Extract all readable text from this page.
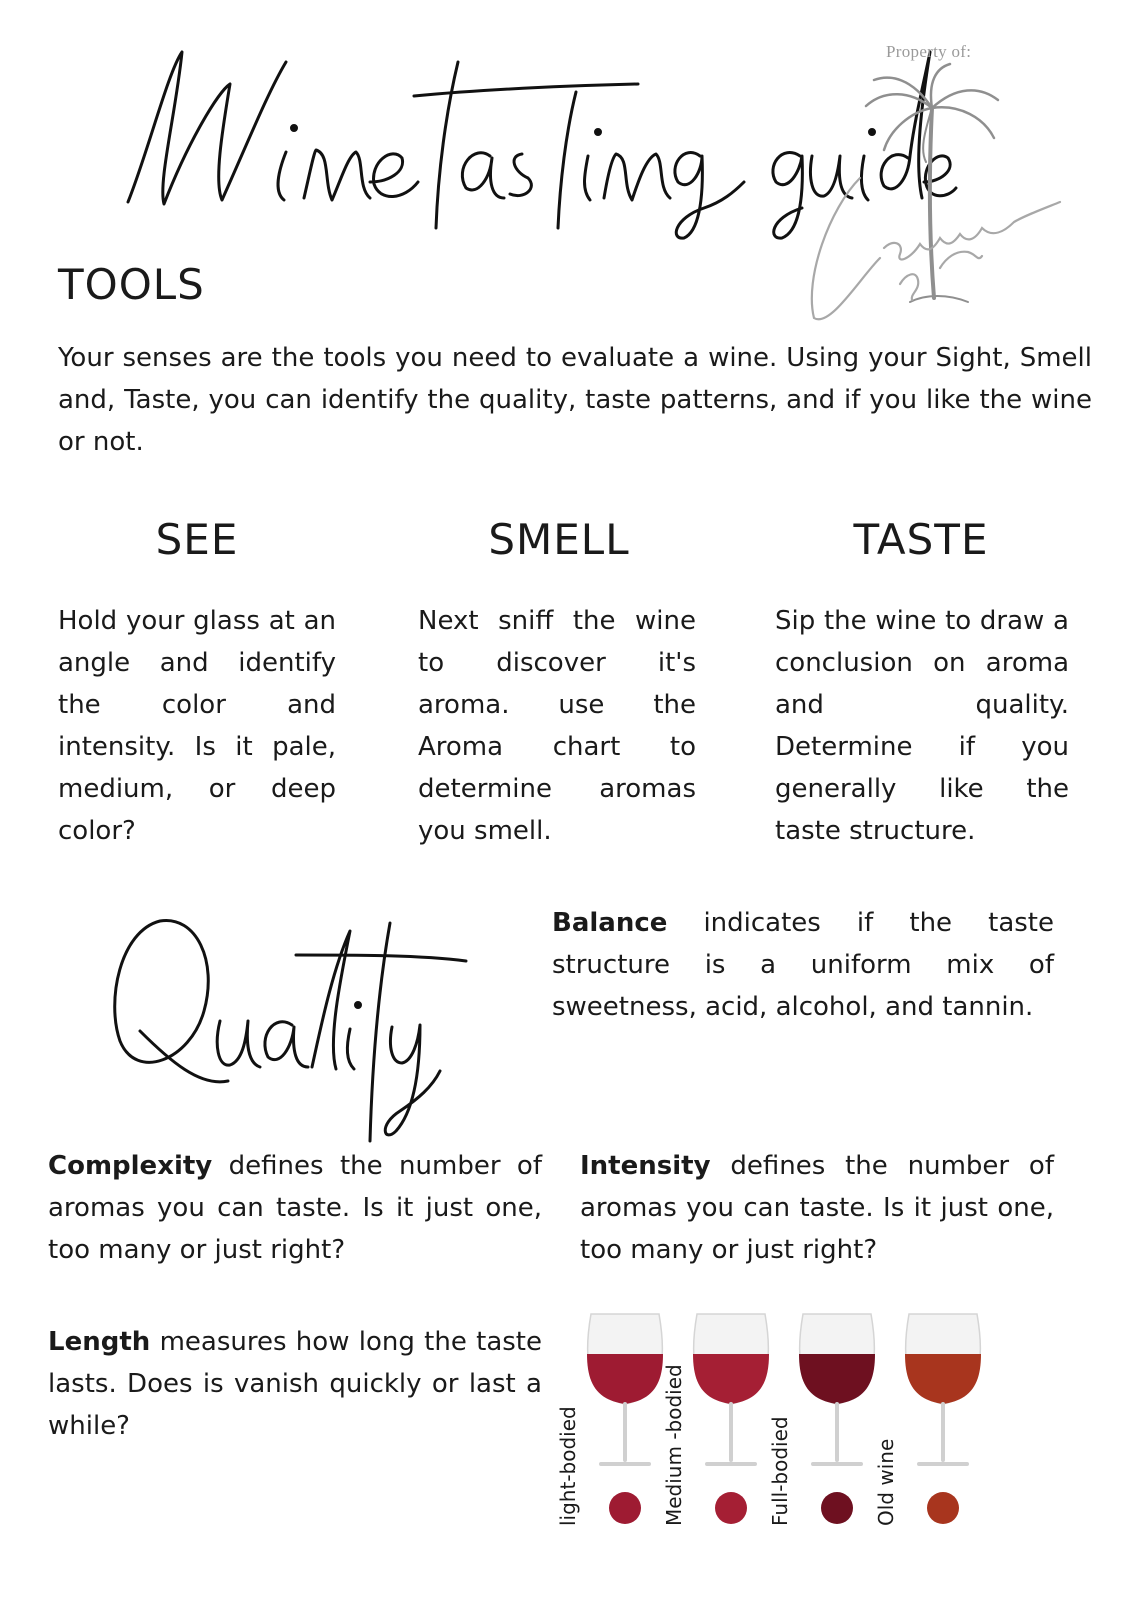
Property of:
TOOLS

Your senses are the tools you need to evaluate a wine. Using your Sight, Smell and, Taste, you can identify the quality, taste patterns, and if you like the wine or not.

SEE	SMELL	TASTE

Hold your glass at an angle and identify the color and intensity. Is it pale, medium, or deep color?

Next sniff the wine to discover it's aroma. use the Aroma chart to determine aromas you smell.

Sip the wine to draw a conclusion on aroma and quality. Determine if you generally like the taste structure.

Balance indicates if the taste structure is a uniform mix of sweetness, acid, alcohol, and tannin.

Complexity defines the number of aromas you can taste. Is it just one, too many or just right?

Intensity defines the number of aromas you can taste. Is it just one, too many or just right?

Length measures how long the taste lasts. Does is vanish quickly or last a while?	light-bodied	Medium -bodied	Full-bodied	Old wine
